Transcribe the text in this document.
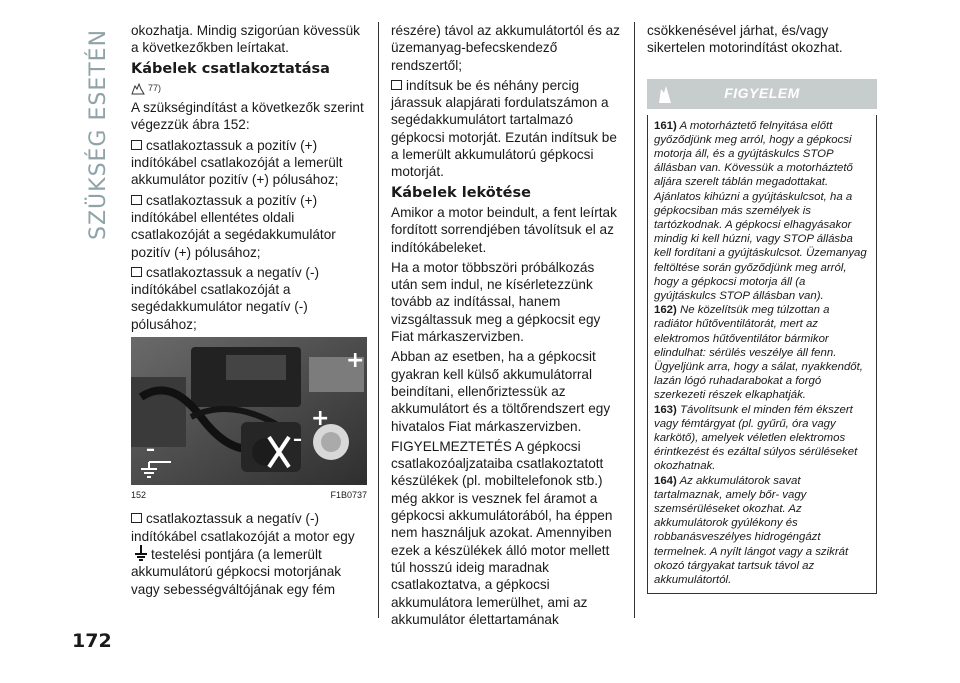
SZÜKSÉG ESETÉN okozhatja. Mindig szigorúan kövessük a következőkben leírtakat.

Kábelek csatlakoztatása
77)

A szükségindítást a következők szerint végezzük ábra 152:

csatlakoztassuk a pozitív (+) indítókábel csatlakozóját a lemerült akkumulátor pozitív (+) pólusához;

csatlakoztassuk a pozitív (+) indítókábel ellentétes oldali csatlakozóját a segédakkumulátor pozitív (+) pólusához;

csatlakoztassuk a negatív (-) indítókábel csatlakozóját a segédakkumulátor negatív (-) pólusához;

+
+
–
–
152	F1B0737

csatlakoztassuk a negatív (-) indítókábel csatlakozóját a motor egytestelési pontjára (a lemerült akkumulátorú gépkocsi motorjának vagy sebességváltójának egy fém

részére) távol az akkumulátortól és az üzemanyag-befecskendező rendszertől;

indítsuk be és néhány percig járassuk alapjárati fordulatszámon a segédakkumulátort tartalmazó gépkocsi motorját. Ezután indítsuk be a lemerült akkumulátorú gépkocsi motorját.

Kábelek lekötése

Amikor a motor beindult, a fent leírtak fordított sorrendjében távolítsuk el az indítókábeleket.

Ha a motor többszöri próbálkozás után sem indul, ne kísérletezzünk tovább az indítással, hanem vizsgáltassuk meg a gépkocsit egy Fiat márkaszervizben.

Abban az esetben, ha a gépkocsit gyakran kell külső akkumulátorral beindítani, ellenőriztessük az akkumulátort és a töltőrendszert egy hivatalos Fiat márkaszervizben.

FIGYELMEZTETÉS A gépkocsi csatlakozóaljzataiba csatlakoztatott készülékek (pl. mobiltelefonok stb.) még akkor is vesznek fel áramot a gépkocsi akkumulátorából, ha éppen nem használjuk azokat. Amennyiben ezek a készülékek álló motor mellett túl hosszú ideig maradnak csatlakoztatva, a gépkocsi akkumulátora lemerülhet, ami az akkumulátor élettartamának

csökkenésével járhat, és/vagy sikertelen motorindítást okozhat.

FIGYELEM

161) A motorháztető felnyitása előtt győződjünk meg arról, hogy a gépkocsi motorja áll, és a gyújtáskulcs STOP állásban van. Kövessük a motorháztető aljára szerelt táblán megadottakat. Ajánlatos kihúzni a gyújtáskulcsot, ha a gépkocsiban más személyek is tartózkodnak. A gépkocsi elhagyásakor mindig ki kell húzni, vagy STOP állásba kell fordítani a gyújtáskulcsot. Üzemanyag feltöltése során győződjünk meg arról, hogy a gépkocsi motorja áll (a gyújtáskulcs STOP állásban van).

162) Ne közelítsük meg túlzottan a radiátor hűtőventilátorát, mert az elektromos hűtőventilátor bármikor elindulhat: sérülés veszélye áll fenn. Ügyeljünk arra, hogy a sálat, nyakkendőt, lazán lógó ruhadarabokat a forgó szerkezeti részek elkaphatják.

163) Távolítsunk el minden fém ékszert vagy fémtárgyat (pl. gyűrű, óra vagy karkötő), amelyek véletlen elektromos érintkezést és ezáltal súlyos sérüléseket okozhatnak.

164) Az akkumulátorok savat tartalmaznak, amely bőr- vagy szemsérüléseket okozhat. Az akkumulátorok gyúlékony és robbanásveszélyes hidrogéngázt termelnek. A nyílt lángot vagy a szikrát okozó tárgyakat tartsuk távol az akkumulátortól.

172
